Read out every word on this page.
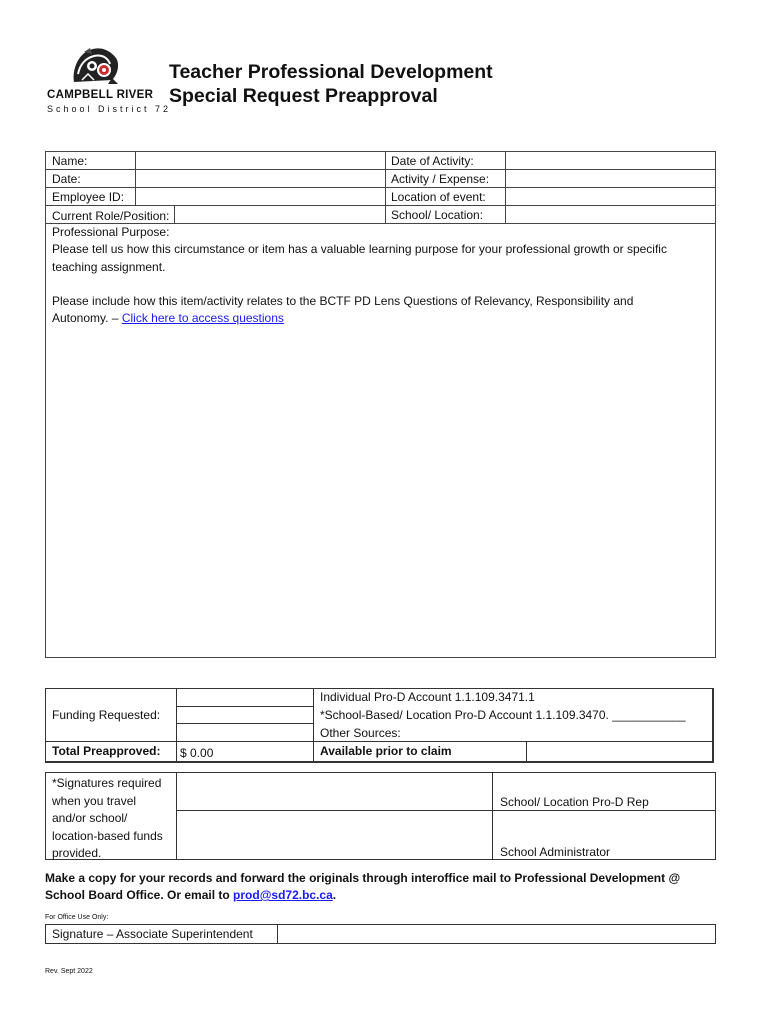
CAMPBELL RIVER
School District 72
Teacher Professional Development
Special Request Preapproval
Name:
Date:
Employee ID:
Current Role/Position:
Date of Activity:
Activity / Expense:
Location of event:
School/ Location:
Professional Purpose:
Please tell us how this circumstance or item has a valuable learning purpose for your professional growth or specific
teaching assignment.
Please include how this item/activity relates to the BCTF PD Lens Questions of Relevancy, Responsibility and
Autonomy. – Click here to access questions
Funding Requested:
Total Preapproved: $ 0.00
Individual Pro-D Account 1.1.109.3471.1
*School-Based/ Location Pro-D Account 1.1.109.3470. ___________
Other Sources:
Available prior to claim
*Signatures required
when you travel
and/or school/
location-based funds
provided.
School/ Location Pro-D Rep
School Administrator
Make a copy for your records and forward the originals through interoffice mail to Professional Development @
School Board Office. Or email to prod@sd72.bc.ca.
For Office Use Only:
Signature – Associate Superintendent
Rev. Sept 2022
